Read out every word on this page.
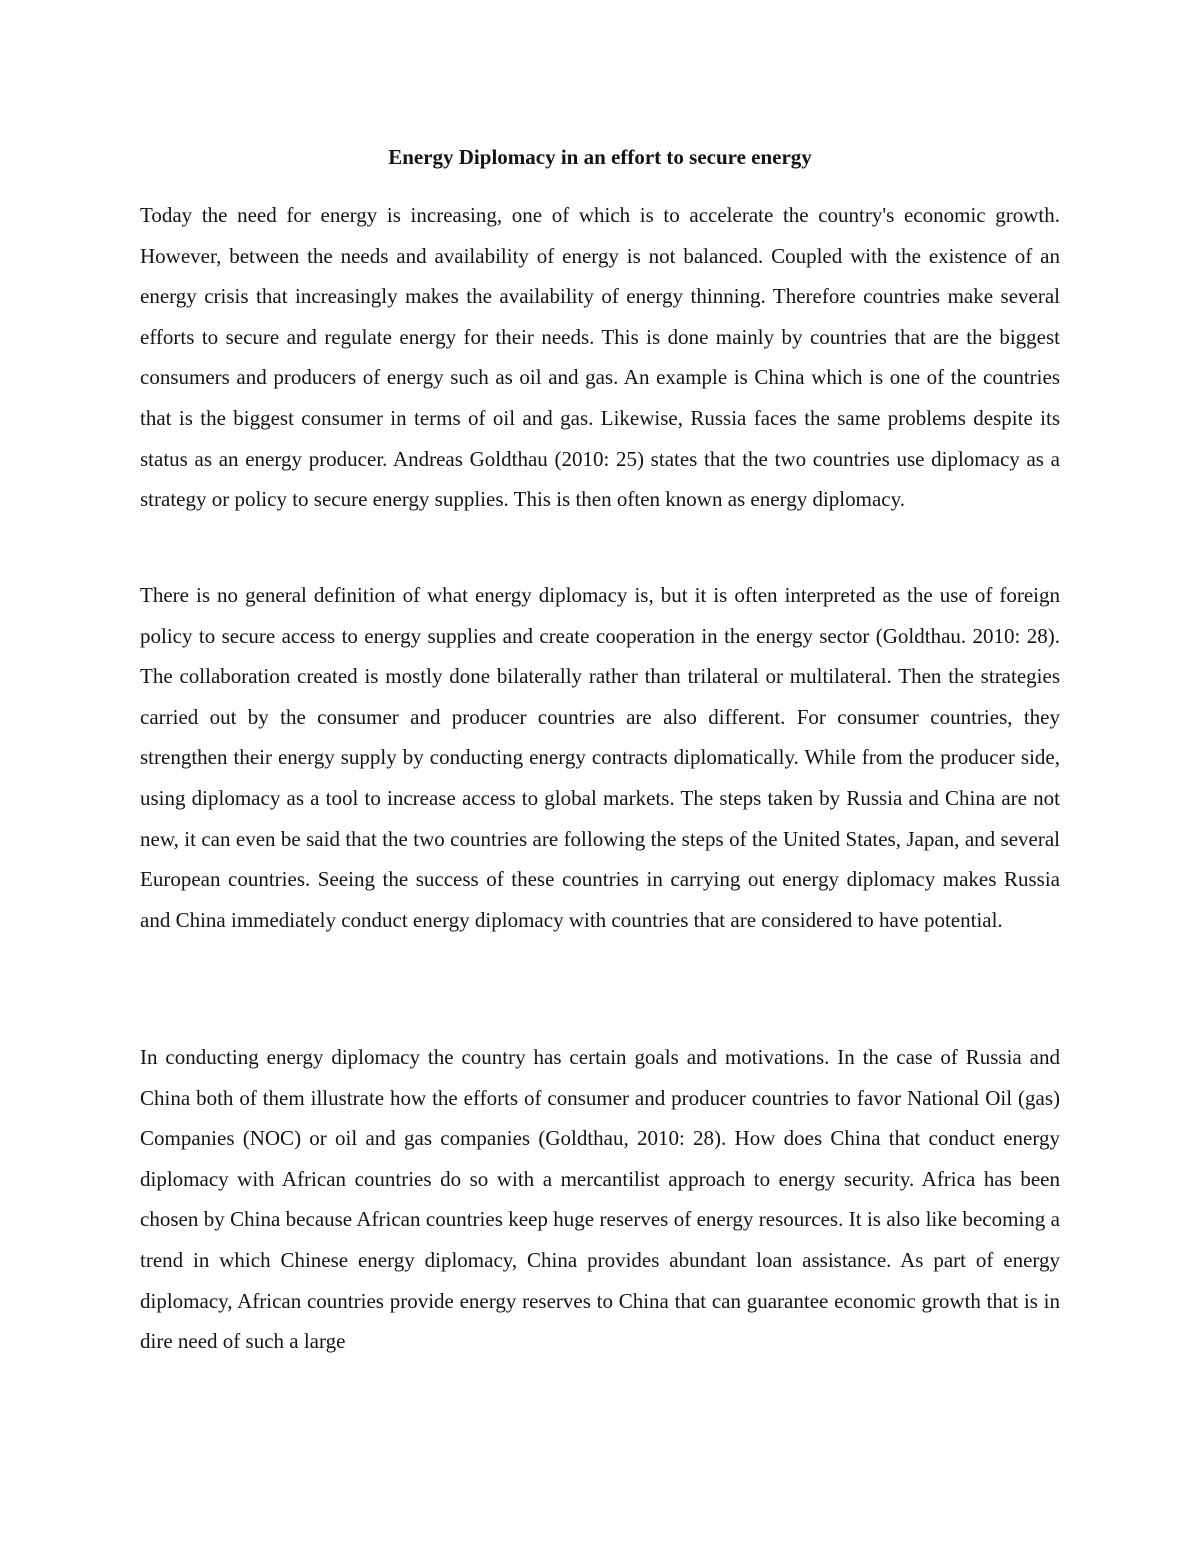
Energy Diplomacy in an effort to secure energy

Today the need for energy is increasing, one of which is to accelerate the country's economic growth. However, between the needs and availability of energy is not balanced. Coupled with the existence of an energy crisis that increasingly makes the availability of energy thinning. Therefore countries make several efforts to secure and regulate energy for their needs. This is done mainly by countries that are the biggest consumers and producers of energy such as oil and gas. An example is China which is one of the countries that is the biggest consumer in terms of oil and gas. Likewise, Russia faces the same problems despite its status as an energy producer. Andreas Goldthau (2010: 25) states that the two countries use diplomacy as a strategy or policy to secure energy supplies. This is then often known as energy diplomacy.

There is no general definition of what energy diplomacy is, but it is often interpreted as the use of foreign policy to secure access to energy supplies and create cooperation in the energy sector (Goldthau. 2010: 28). The collaboration created is mostly done bilaterally rather than trilateral or multilateral. Then the strategies carried out by the consumer and producer countries are also different. For consumer countries, they strengthen their energy supply by conducting energy contracts diplomatically. While from the producer side, using diplomacy as a tool to increase access to global markets. The steps taken by Russia and China are not new, it can even be said that the two countries are following the steps of the United States, Japan, and several European countries. Seeing the success of these countries in carrying out energy diplomacy makes Russia and China immediately conduct energy diplomacy with countries that are considered to have potential.

In conducting energy diplomacy the country has certain goals and motivations. In the case of Russia and China both of them illustrate how the efforts of consumer and producer countries to favor National Oil (gas) Companies (NOC) or oil and gas companies (Goldthau, 2010: 28). How does China that conduct energy diplomacy with African countries do so with a mercantilist approach to energy security. Africa has been chosen by China because African countries keep huge reserves of energy resources. It is also like becoming a trend in which Chinese energy diplomacy, China provides abundant loan assistance. As part of energy diplomacy, African countries provide energy reserves to China that can guarantee economic growth that is in dire need of such a large
